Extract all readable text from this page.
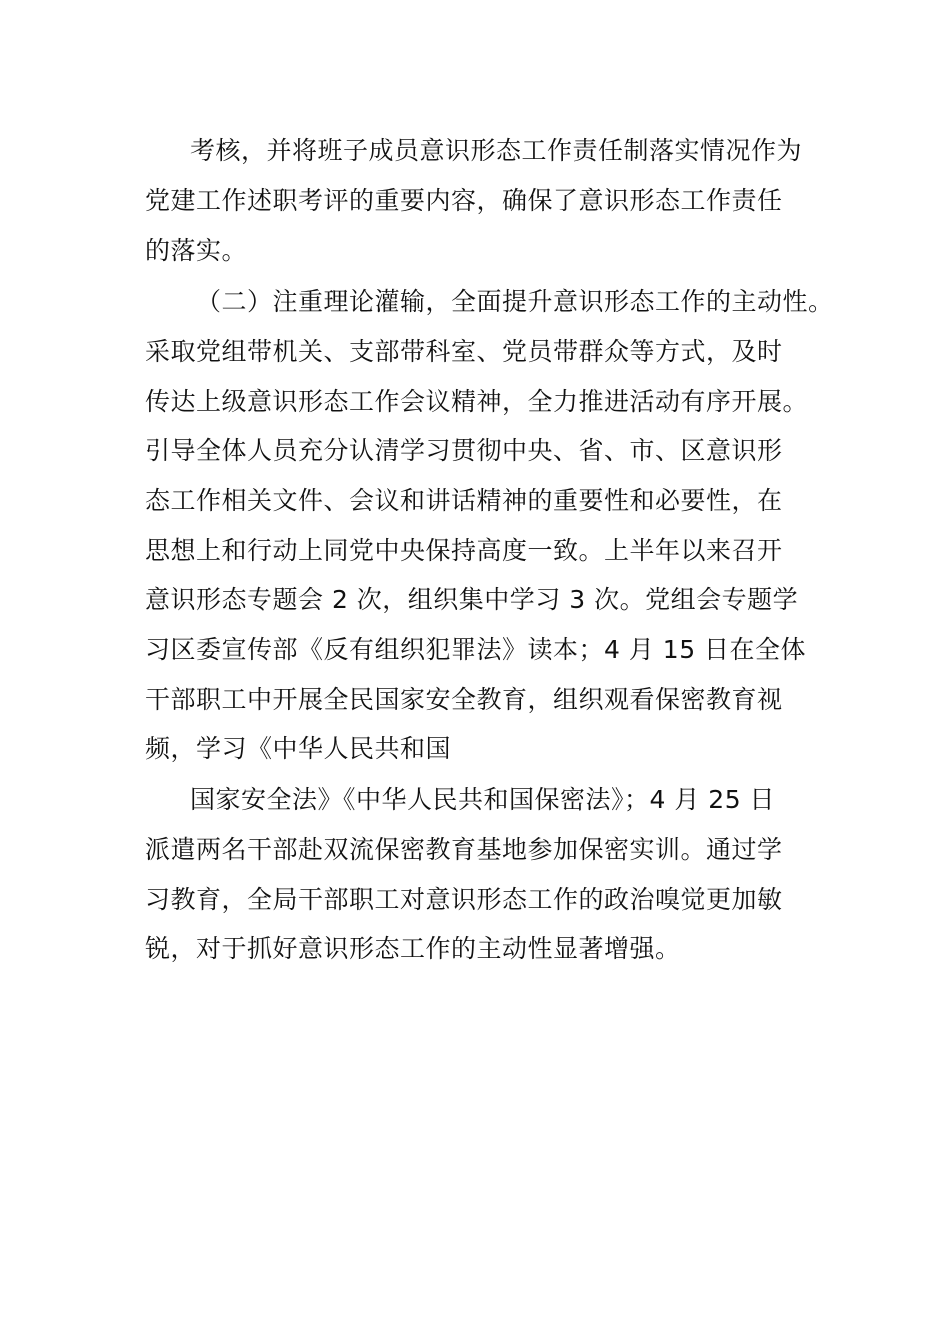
考核，并将班子成员意识形态工作责任制落实情况作为
党建工作述职考评的重要内容，确保了意识形态工作责任
的落实。
（二）注重理论灌输，全面提升意识形态工作的主动性。
采取党组带机关、支部带科室、党员带群众等方式，及时
传达上级意识形态工作会议精神，全力推进活动有序开展。
引导全体人员充分认清学习贯彻中央、省、市、区意识形
态工作相关文件、会议和讲话精神的重要性和必要性，在
思想上和行动上同党中央保持高度一致。上半年以来召开
意识形态专题会 2 次，组织集中学习 3 次。党组会专题学
习区委宣传部《反有组织犯罪法》读本；4 月 15 日在全体
干部职工中开展全民国家安全教育，组织观看保密教育视
频，学习《中华人民共和国
国家安全法》《中华人民共和国保密法》；4 月 25 日
派遣两名干部赴双流保密教育基地参加保密实训。通过学
习教育，全局干部职工对意识形态工作的政治嗅觉更加敏
锐，对于抓好意识形态工作的主动性显著增强。
